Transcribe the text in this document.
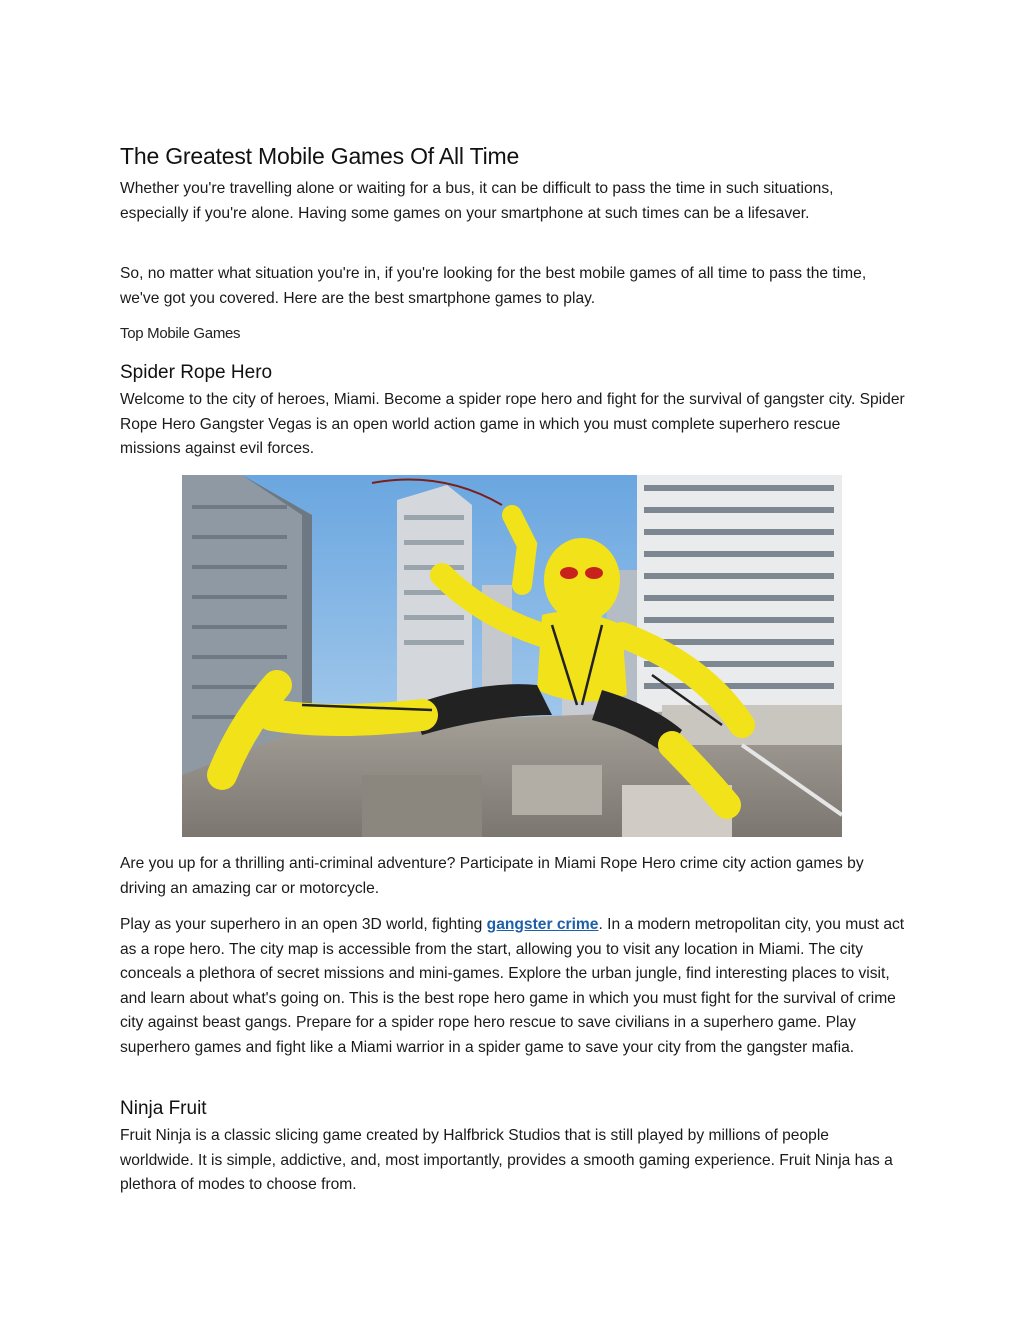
The Greatest Mobile Games Of All Time

Whether you're travelling alone or waiting for a bus, it can be difficult to pass the time in such situations, especially if you're alone. Having some games on your smartphone at such times can be a lifesaver.

So, no matter what situation you're in, if you're looking for the best mobile games of all time to pass the time, we've got you covered. Here are the best smartphone games to play.

Top Mobile Games
Spider Rope Hero

Welcome to the city of heroes, Miami. Become a spider rope hero and fight for the survival of gangster city. Spider Rope Hero Gangster Vegas is an open world action game in which you must complete superhero rescue missions against evil forces.

Are you up for a thrilling anti-criminal adventure? Participate in Miami Rope Hero crime city action games by driving an amazing car or motorcycle.

Play as your superhero in an open 3D world, fighting gangster crime. In a modern metropolitan city, you must act as a rope hero. The city map is accessible from the start, allowing you to visit any location in Miami. The city conceals a plethora of secret missions and mini-games. Explore the urban jungle, find interesting places to visit, and learn about what's going on. This is the best rope hero game in which you must fight for the survival of crime city against beast gangs. Prepare for a spider rope hero rescue to save civilians in a superhero game. Play superhero games and fight like a Miami warrior in a spider game to save your city from the gangster mafia.

Ninja Fruit

Fruit Ninja is a classic slicing game created by Halfbrick Studios that is still played by millions of people worldwide. It is simple, addictive, and, most importantly, provides a smooth gaming experience. Fruit Ninja has a plethora of modes to choose from.
